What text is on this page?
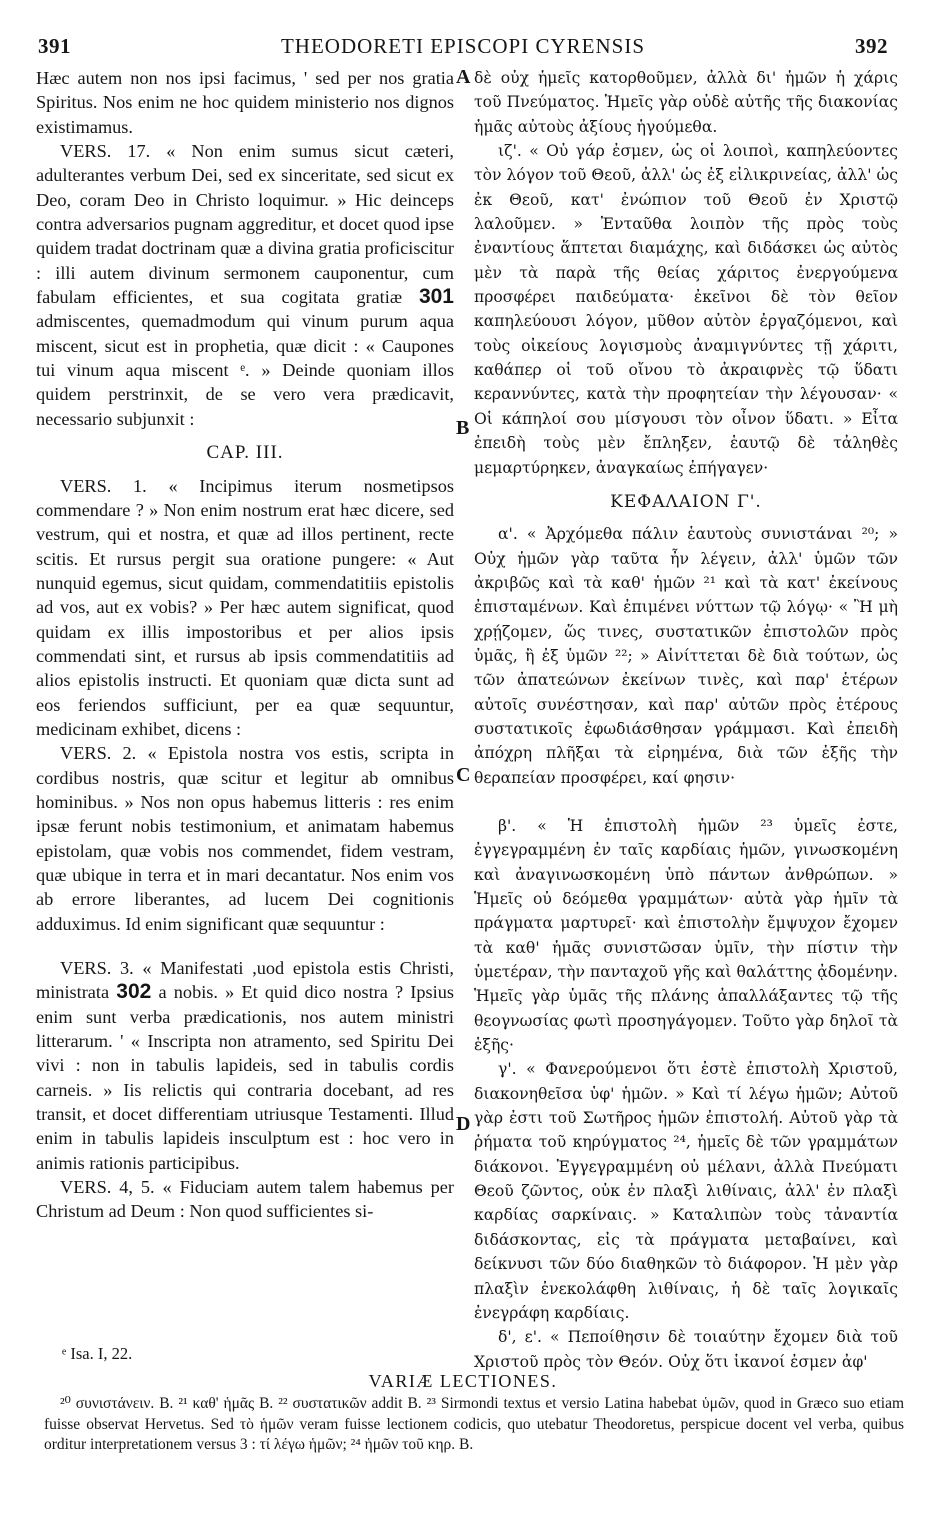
391	THEODORETI EPISCOPI CYRENSIS	392

Hæc autem non nos ipsi facimus, ' sed per nos gratia Spiritus. Nos enim ne hoc quidem ministerio nos dignos existimamus.

VERS. 17. « Non enim sumus sicut cæteri, adulterantes verbum Dei, sed ex sinceritate, sed sicut ex Deo, coram Deo in Christo loquimur. » Hic deinceps contra adversarios pugnam aggreditur, et docet quod ipse quidem tradat doctrinam quæ a divina gratia proficiscitur : illi autem divinum sermonem cauponentur, cum fabulam efficientes, et sua cogitata gratiæ 301 admiscentes, quemadmodum qui vinum purum aqua miscent, sicut est in prophetia, quæ dicit : « Caupones tui vinum aqua miscent ᵉ. » Deinde quoniam illos quidem perstrinxit, de se vero vera prædicavit, necessario subjunxit :

CAP. III.

VERS. 1. « Incipimus iterum nosmetipsos commendare ? » Non enim nostrum erat hæc dicere, sed vestrum, qui et nostra, et quæ ad illos pertinent, recte scitis. Et rursus pergit sua oratione pungere: « Aut nunquid egemus, sicut quidam, commendatitiis epistolis ad vos, aut ex vobis? » Per hæc autem significat, quod quidam ex illis impostoribus et per alios ipsis commendati sint, et rursus ab ipsis commendatitiis ad alios epistolis instructi. Et quoniam quæ dicta sunt ad eos feriendos sufficiunt, per ea quæ sequuntur, medicinam exhibet, dicens :

VERS. 2. « Epistola nostra vos estis, scripta in cordibus nostris, quæ scitur et legitur ab omnibus hominibus. » Nos non opus habemus litteris : res enim ipsæ ferunt nobis testimonium, et animatam habemus epistolam, quæ vobis nos commendet, fidem vestram, quæ ubique in terra et in mari decantatur. Nos enim vos ab errore liberantes, ad lucem Dei cognitionis adduximus. Id enim significant quæ sequuntur :

VERS. 3. « Manifestati ,uod epistola estis Christi, ministrata 302 a nobis. » Et quid dico nostra ? Ipsius enim sunt verba prædicationis, nos autem ministri litterarum. ' « Inscripta non atramento, sed Spiritu Dei vivi : non in tabulis lapideis, sed in tabulis cordis carneis. » Iis relictis qui contraria docebant, ad res transit, et docet differentiam utriusque Testamenti. Illud enim in tabulis lapideis insculptum est : hoc vero in animis rationis participibus.

VERS. 4, 5. « Fiduciam autem talem habemus per Christum ad Deum : Non quod sufficientes si-

A
B
C
D

δὲ οὐχ ἡμεῖς κατορθοῦμεν, ἀλλὰ δι' ἡμῶν ἡ χάρις τοῦ Πνεύματος. Ἡμεῖς γὰρ οὐδὲ αὐτῆς τῆς διακονίας ἡμᾶς αὐτοὺς ἀξίους ἡγούμεθα.

ιζ'. « Οὐ γάρ ἐσμεν, ὡς οἱ λοιποὶ, καπηλεύοντες τὸν λόγον τοῦ Θεοῦ, ἀλλ' ὡς ἐξ εἰλικρινείας, ἀλλ' ὡς ἐκ Θεοῦ, κατ' ἐνώπιον τοῦ Θεοῦ ἐν Χριστῷ λαλοῦμεν. » Ἐνταῦθα λοιπὸν τῆς πρὸς τοὺς ἐναντίους ἅπτεται διαμάχης, καὶ διδάσκει ὡς αὐτὸς μὲν τὰ παρὰ τῆς θείας χάριτος ἐνεργούμενα προσφέρει παιδεύματα· ἐκεῖνοι δὲ τὸν θεῖον καπηλεύουσι λόγον, μῦθον αὐτὸν ἐργαζόμενοι, καὶ τοὺς οἰκείους λογισμοὺς ἀναμιγνύντες τῇ χάριτι, καθάπερ οἱ τοῦ οἴνου τὸ ἀκραιφνὲς τῷ ὕδατι κεραννύντες, κατὰ τὴν προφητείαν τὴν λέγουσαν· « Οἱ κάπηλοί σου μίσγουσι τὸν οἶνον ὕδατι. » Εἶτα ἐπειδὴ τοὺς μὲν ἔπληξεν, ἑαυτῷ δὲ τἀληθὲς μεμαρτύρηκεν, ἀναγκαίως ἐπήγαγεν·

ΚΕΦΑΛΑΙΟΝ Γ'.

α'. « Ἀρχόμεθα πάλιν ἑαυτοὺς συνιστάναι ²⁰; » Οὐχ ἡμῶν γὰρ ταῦτα ἦν λέγειν, ἀλλ' ὑμῶν τῶν ἀκριβῶς καὶ τὰ καθ' ἡμῶν ²¹ καὶ τὰ κατ' ἐκείνους ἐπισταμένων. Καὶ ἐπιμένει νύττων τῷ λόγῳ· « Ἢ μὴ χρῄζομεν, ὥς τινες, συστατικῶν ἐπιστολῶν πρὸς ὑμᾶς, ἢ ἐξ ὑμῶν ²²; » Αἰνίττεται δὲ διὰ τούτων, ὡς τῶν ἀπατεώνων ἐκείνων τινὲς, καὶ παρ' ἑτέρων αὐτοῖς συνέστησαν, καὶ παρ' αὐτῶν πρὸς ἑτέρους συστατικοῖς ἐφωδιάσθησαν γράμμασι. Καὶ ἐπειδὴ ἀπόχρη πλῆξαι τὰ εἰρημένα, διὰ τῶν ἑξῆς τὴν θεραπείαν προσφέρει, καί φησιν·

β'. « Ἡ ἐπιστολὴ ἡμῶν ²³ ὑμεῖς ἐστε, ἐγγεγραμμένη ἐν ταῖς καρδίαις ἡμῶν, γινωσκομένη καὶ ἀναγινωσκομένη ὑπὸ πάντων ἀνθρώπων. » Ἡμεῖς οὐ δεόμεθα γραμμάτων· αὐτὰ γὰρ ἡμῖν τὰ πράγματα μαρτυρεῖ· καὶ ἐπιστολὴν ἔμψυχον ἔχομεν τὰ καθ' ἡμᾶς συνιστῶσαν ὑμῖν, τὴν πίστιν τὴν ὑμετέραν, τὴν πανταχοῦ γῆς καὶ θαλάττης ᾀδομένην. Ἡμεῖς γὰρ ὑμᾶς τῆς πλάνης ἀπαλλάξαντες τῷ τῆς θεογνωσίας φωτὶ προσηγάγομεν. Τοῦτο γὰρ δηλοῖ τὰ ἑξῆς·

γ'. « Φανερούμενοι ὅτι ἐστὲ ἐπιστολὴ Χριστοῦ, διακονηθεῖσα ὑφ' ἡμῶν. » Καὶ τί λέγω ἡμῶν; Αὐτοῦ γὰρ ἐστι τοῦ Σωτῆρος ἡμῶν ἐπιστολή. Αὐτοῦ γὰρ τὰ ῥήματα τοῦ κηρύγματος ²⁴, ἡμεῖς δὲ τῶν γραμμάτων διάκονοι. Ἐγγεγραμμένη οὐ μέλανι, ἀλλὰ Πνεύματι Θεοῦ ζῶντος, οὐκ ἐν πλαξὶ λιθίναις, ἀλλ' ἐν πλαξὶ καρδίας σαρκίναις. » Καταλιπὼν τοὺς τἀναντία διδάσκοντας, εἰς τὰ πράγματα μεταβαίνει, καὶ δείκνυσι τῶν δύο διαθηκῶν τὸ διάφορον. Ἡ μὲν γὰρ πλαξὶν ἐνεκολάφθη λιθίναις, ἡ δὲ ταῖς λογικαῖς ἐνεγράφη καρδίαις.

δ', ε'. « Πεποίθησιν δὲ τοιαύτην ἔχομεν διὰ τοῦ Χριστοῦ πρὸς τὸν Θεόν. Οὐχ ὅτι ἱκανοί ἐσμεν ἀφ'

ᵉ Isa. I, 22.
VARIÆ LECTIONES.

²⁰ συνιστάνειν. B. ²¹ καθ' ἡμᾶς B. ²² συστατικῶν addit B. ²³ Sirmondi textus et versio Latina habebat ὑμῶν, quod in Græco suo etiam fuisse observat Hervetus. Sed τὸ ἡμῶν veram fuisse lectionem codicis, quo utebatur Theodoretus, perspicue docent vel verba, quibus orditur interpretationem versus 3 : τί λέγω ἡμῶν; ²⁴ ἡμῶν τοῦ κηρ. B.
